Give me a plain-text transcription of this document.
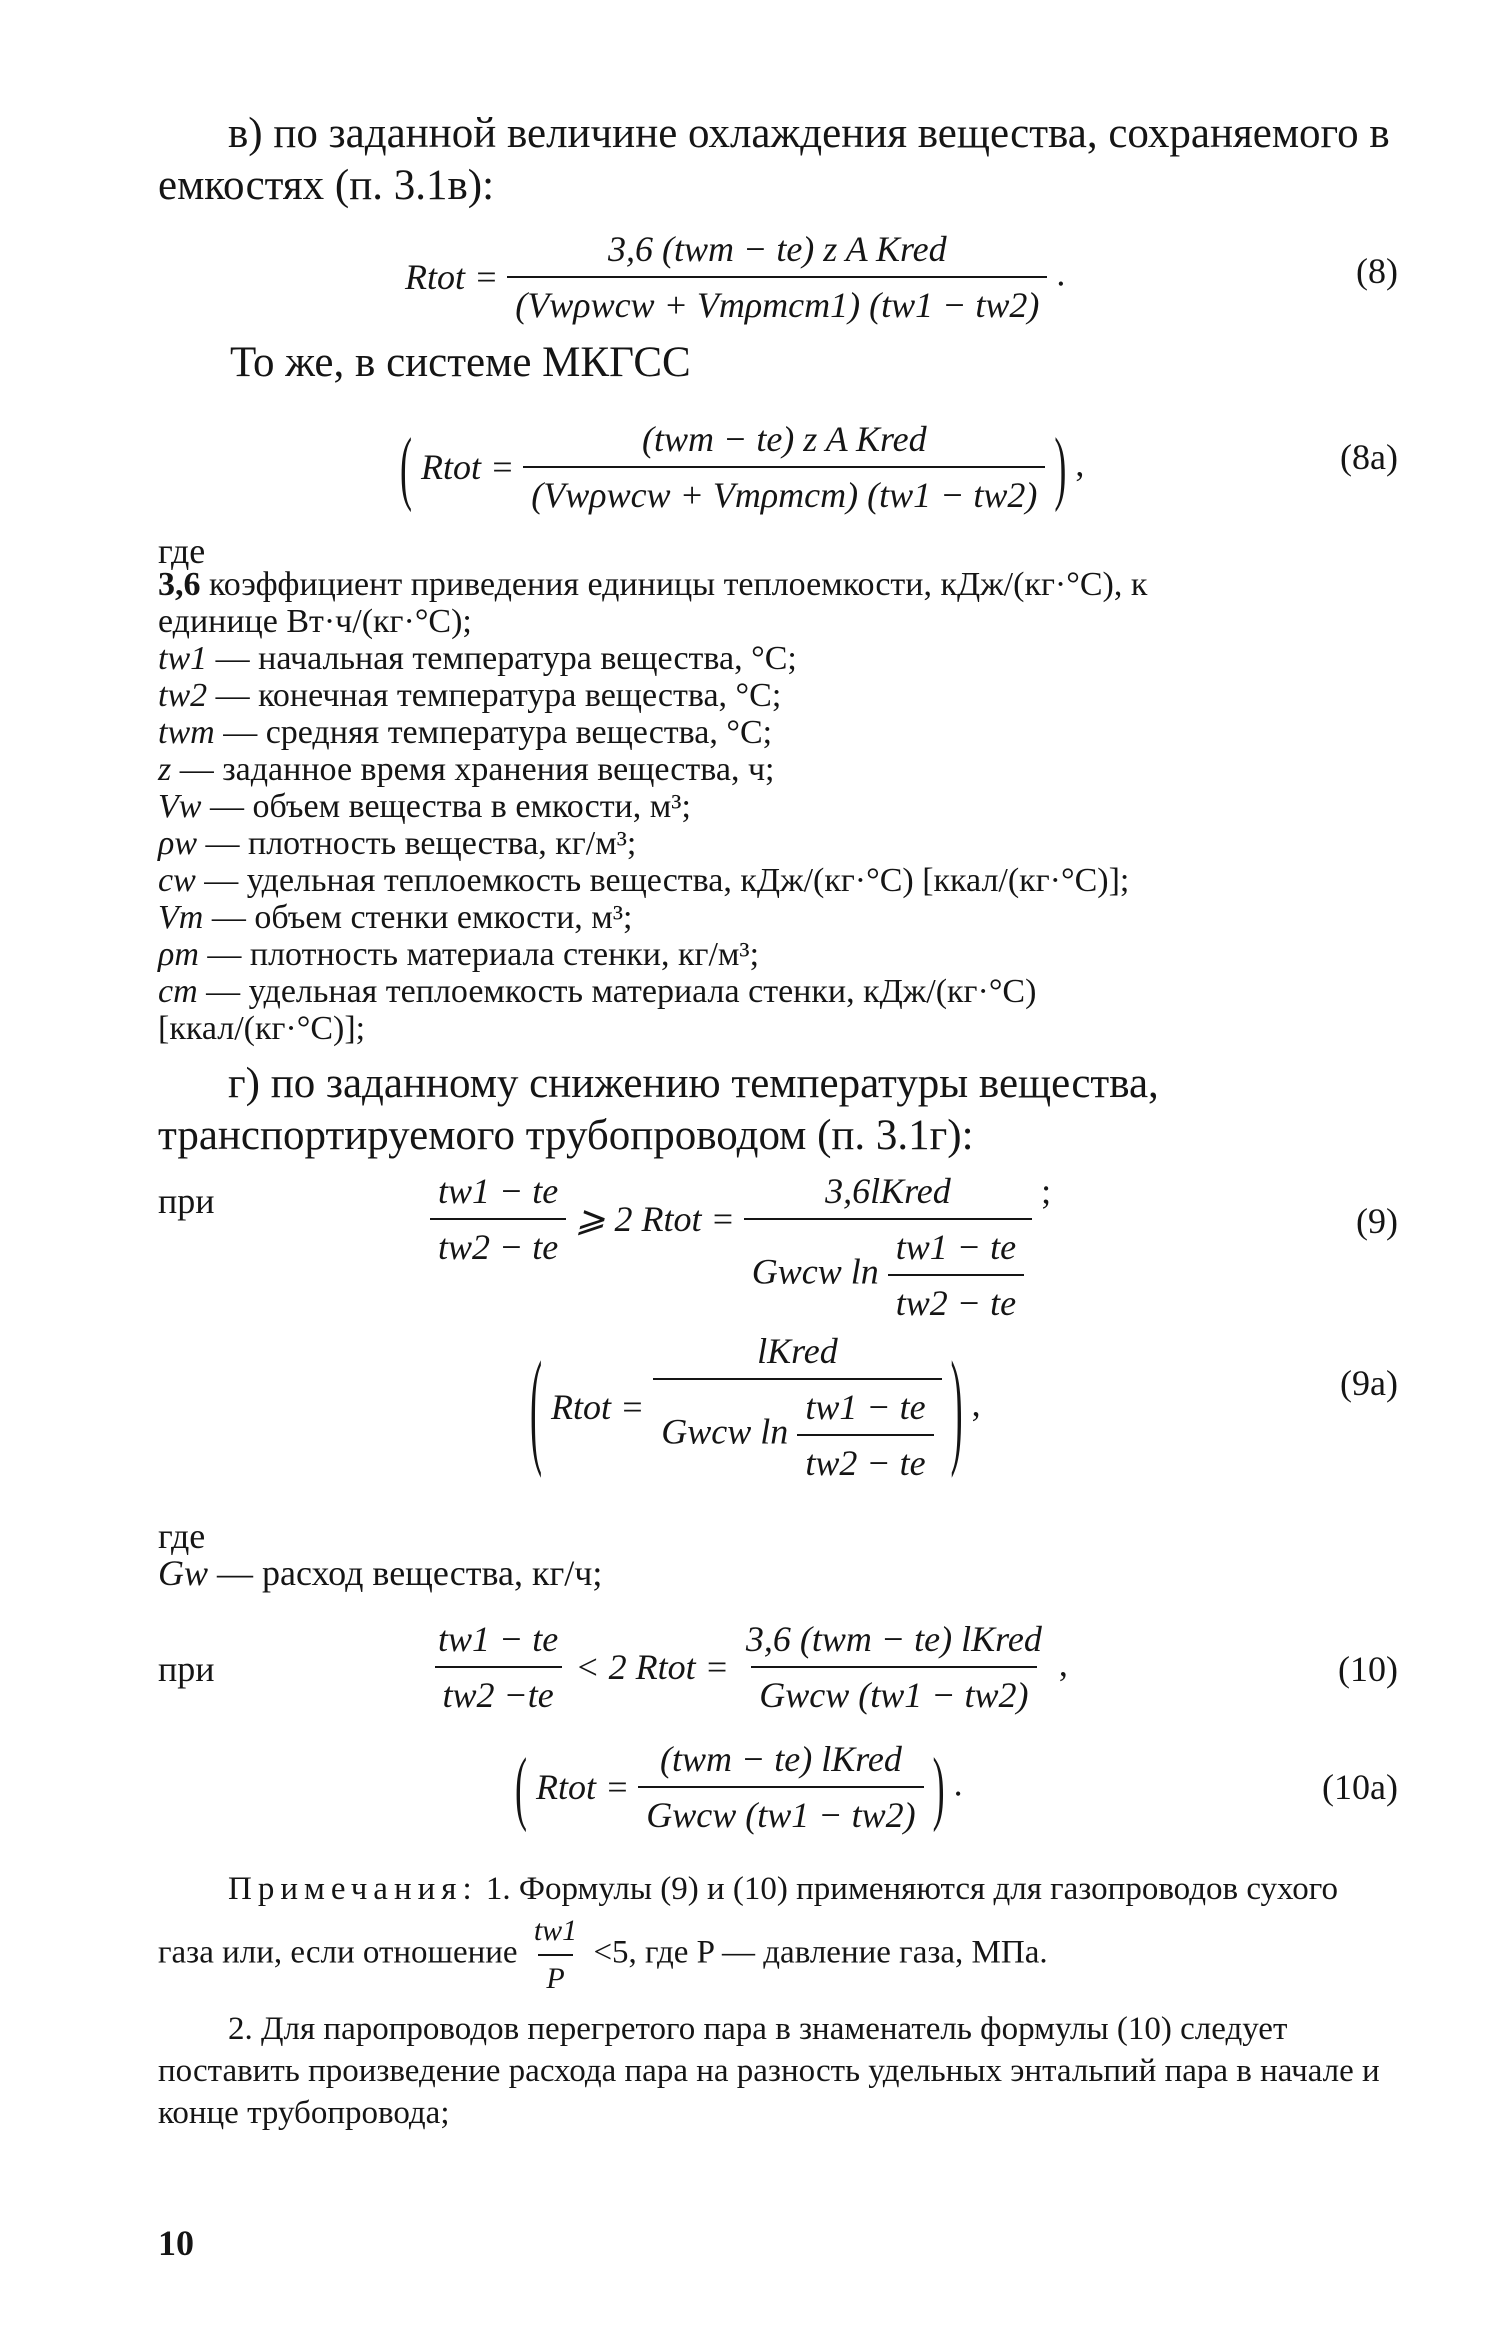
в) по заданной величине охлаждения вещества, сохраняемого в емкостях (п. 3.1в):
Rtot = $\frac{\text{3,6 (twm − te) z A Kred}}{\text{(Vwρwcw + Vmρmcm1) (tw1 − tw2)}}$ .	(8)
То же, в системе МКГСС
( Rtot = $\frac{\text{(twm − te) z A Kred}}{\text{(Vwρwcw + Vmρmcm) (tw1 − tw2)}}$ ) ,	(8a)
где
3,6 коэффициент приведения единицы теплоемкости, кДж/(кг·°С), к
единице Вт·ч/(кг·°С);
tw1 — начальная температура вещества, °С;
tw2 — конечная температура вещества, °С;
twm — средняя температура вещества, °С;
z — заданное время хранения вещества, ч;
Vw — объем вещества в емкости, м³;
ρw — плотность вещества, кг/м³;
cw — удельная теплоемкость вещества, кДж/(кг·°С) [ккал/(кг·°С)];
Vm — объем стенки емкости, м³;
ρm — плотность материала стенки, кг/м³;
cm — удельная теплоемкость материала стенки, кДж/(кг·°С)
[ккал/(кг·°С)];
г) по заданному снижению температуры вещества, транспортируемого трубопроводом (п. 3.1г):
при	$\frac{tw1 - te}{tw2 - te}$ ⩾ 2 Rtot = $\frac{\text{3,6lKred}}{Gwcw \ln \frac{tw1 - te}{tw2 - te}}$ ;
(9)
( Rtot = $\frac{\text{lKred}}{Gwcw \ln \frac{tw1 - te}{tw2 - te}}$ ) ,
(9a)
где
Gw — расход вещества, кг/ч;
при	$\frac{tw1 - te}{tw2 -te} < 2$ Rtot = $\frac{\text{3,6 (twm − te) lKred}}{\text{Gwcw (tw1 − tw2)}}$ ,	(10)
( Rtot = $\frac{\text{(twm − te) lKred}}{\text{Gwcw (tw1 − tw2)}}$ ) .	(10a)
Примечания: 1. Формулы (9) и (10) применяются для газопроводов сухого газа или, если отношение $\frac{tw1}{P} <5$, где P — давление газа, МПа.
2. Для паропроводов перегретого пара в знаменатель формулы (10) следует поставить произведение расхода пара на разность удельных энтальпий пара в начале и конце трубопровода;
10
